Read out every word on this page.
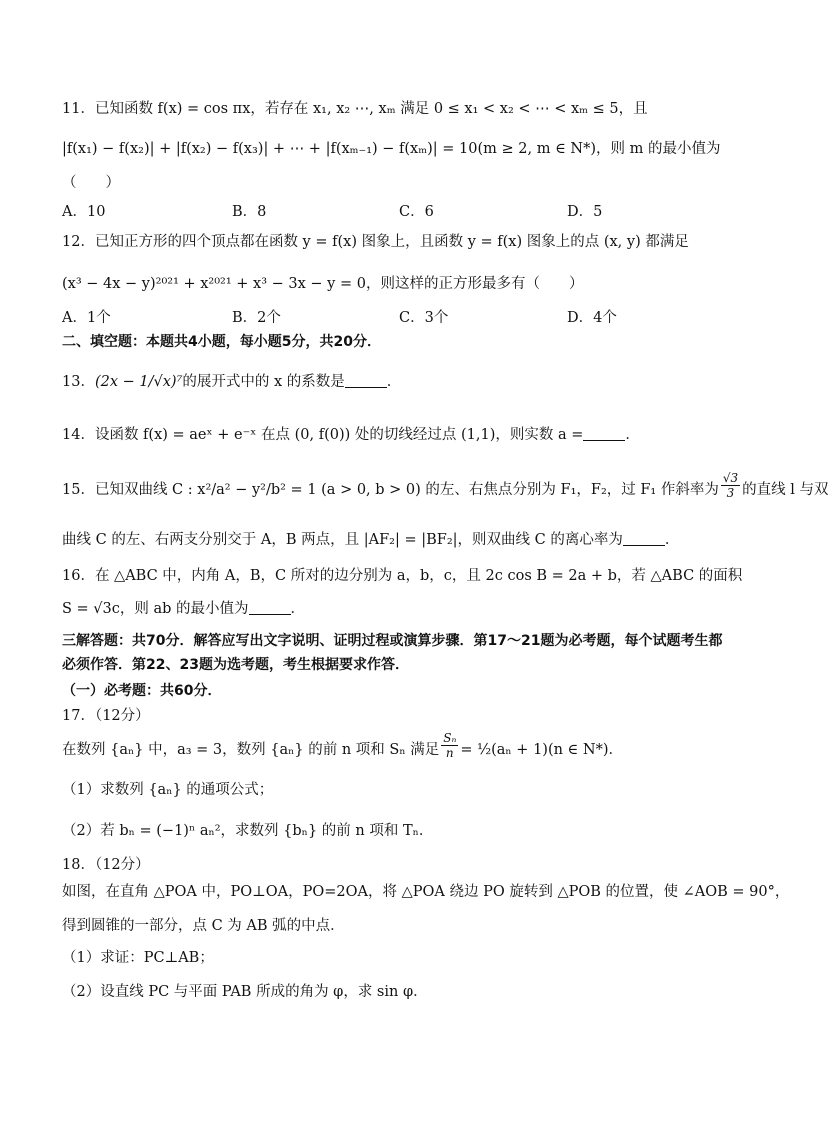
11．已知函数 f(x) = cos πx，若存在 x₁, x₂ ⋯, xₘ 满足 0 ≤ x₁ < x₂ < ⋯ < xₘ ≤ 5，且
|f(x₁) − f(x₂)| + |f(x₂) − f(x₃)| + ⋯ + |f(xₘ₋₁) − f(xₘ)| = 10(m ≥ 2, m ∈ N*)，则 m 的最小值为
（　　）
A．10	B．8	C．6	D．5
12．已知正方形的四个顶点都在函数 y = f(x) 图象上，且函数 y = f(x) 图象上的点 (x, y) 都满足
(x³ − 4x − y)²⁰²¹ + x²⁰²¹ + x³ − 3x − y = 0，则这样的正方形最多有（　　）
A．1个	B．2个	C．3个	D．4个
二、填空题：本题共4小题，每小题5分，共20分．
13．(2x − 1/√x)⁷的展开式中的 x 的系数是	．
14．设函数 f(x) = aeˣ + e⁻ˣ 在点 (0, f(0)) 处的切线经过点 (1,1)，则实数 a =	．
15．已知双曲线 C : x²/a² − y²/b² = 1 (a > 0, b > 0) 的左、右焦点分别为 F₁，F₂，过 F₁ 作斜率为 $\frac{√3}{3}$ 的直线 l 与双
曲线 C 的左、右两支分别交于 A，B 两点，且 |AF₂| = |BF₂|，则双曲线 C 的离心率为	．
16．在 △ABC 中，内角 A，B，C 所对的边分别为 a，b，c，且 2c cos B = 2a + b，若 △ABC 的面积
S = √3c，则 ab 的最小值为	．
三解答题：共70分．解答应写出文字说明、证明过程或演算步骤．第17～21题为必考题，每个试题考生都
必须作答．第22、23题为选考题，考生根据要求作答．
（一）必考题：共60分．
17．（12分）
在数列 {aₙ} 中，a₃ = 3，数列 {aₙ} 的前 n 项和 Sₙ 满足 $\frac{\text{Sₙ}}{n}$ = ½(aₙ + 1)(n ∈ N*)．
（1）求数列 {aₙ} 的通项公式；
（2）若 bₙ = (−1)ⁿ aₙ²，求数列 {bₙ} 的前 n 项和 Tₙ．
18．（12分）
如图，在直角 △POA 中，PO⊥OA，PO=2OA，将 △POA 绕边 PO 旋转到 △POB 的位置，使 ∠AOB = 90°，
得到圆锥的一部分，点 C 为 AB 弧的中点．
（1）求证：PC⊥AB；
（2）设直线 PC 与平面 PAB 所成的角为 φ，求 sin φ．
